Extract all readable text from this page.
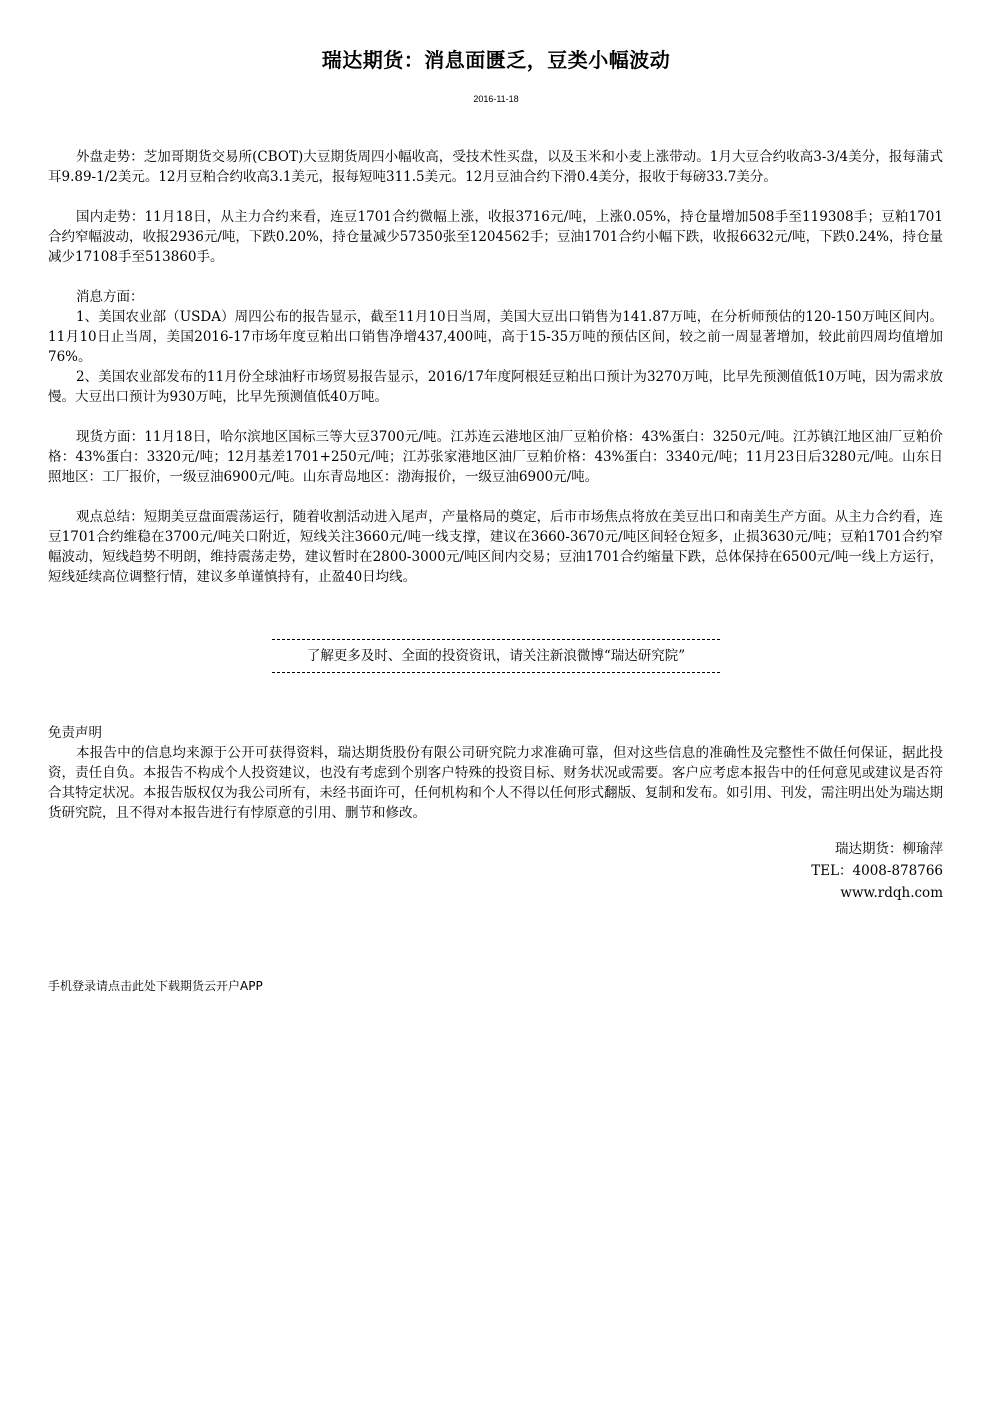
瑞达期货：消息面匮乏，豆类小幅波动
2016-11-18

外盘走势：芝加哥期货交易所(CBOT)大豆期货周四小幅收高，受技术性买盘，以及玉米和小麦上涨带动。1月大豆合约收高3-3/4美分，报每蒲式耳9.89-1/2美元。12月豆粕合约收高3.1美元，报每短吨311.5美元。12月豆油合约下滑0.4美分，报收于每磅33.7美分。

国内走势：11月18日，从主力合约来看，连豆1701合约微幅上涨，收报3716元/吨，上涨0.05%，持仓量增加508手至119308手；豆粕1701合约窄幅波动，收报2936元/吨，下跌0.20%，持仓量减少57350张至1204562手；豆油1701合约小幅下跌，收报6632元/吨，下跌0.24%，持仓量减少17108手至513860手。

消息方面：

1、美国农业部（USDA）周四公布的报告显示，截至11月10日当周，美国大豆出口销售为141.87万吨，在分析师预估的120-150万吨区间内。11月10日止当周，美国2016-17市场年度豆粕出口销售净增437,400吨，高于15-35万吨的预估区间，较之前一周显著增加，较此前四周均值增加76%。

2、美国农业部发布的11月份全球油籽市场贸易报告显示，2016/17年度阿根廷豆粕出口预计为3270万吨，比早先预测值低10万吨，因为需求放慢。大豆出口预计为930万吨，比早先预测值低40万吨。

现货方面：11月18日，哈尔滨地区国标三等大豆3700元/吨。江苏连云港地区油厂豆粕价格：43%蛋白：3250元/吨。江苏镇江地区油厂豆粕价格：43%蛋白：3320元/吨；12月基差1701+250元/吨；江苏张家港地区油厂豆粕价格：43%蛋白：3340元/吨；11月23日后3280元/吨。山东日照地区：工厂报价，一级豆油6900元/吨。山东青岛地区：渤海报价，一级豆油6900元/吨。

观点总结：短期美豆盘面震荡运行，随着收割活动进入尾声，产量格局的奠定，后市市场焦点将放在美豆出口和南美生产方面。从主力合约看，连豆1701合约维稳在3700元/吨关口附近，短线关注3660元/吨一线支撑，建议在3660-3670元/吨区间轻仓短多，止损3630元/吨；豆粕1701合约窄幅波动，短线趋势不明朗，维持震荡走势，建议暂时在2800-3000元/吨区间内交易；豆油1701合约缩量下跌，总体保持在6500元/吨一线上方运行，短线延续高位调整行情，建议多单谨慎持有，止盈40日均线。

了解更多及时、全面的投资资讯，请关注新浪微博“瑞达研究院”

免责声明

本报告中的信息均来源于公开可获得资料，瑞达期货股份有限公司研究院力求准确可靠，但对这些信息的准确性及完整性不做任何保证，据此投资，责任自负。本报告不构成个人投资建议，也没有考虑到个别客户特殊的投资目标、财务状况或需要。客户应考虑本报告中的任何意见或建议是否符合其特定状况。本报告版权仅为我公司所有，未经书面许可，任何机构和个人不得以任何形式翻版、复制和发布。如引用、刊发，需注明出处为瑞达期货研究院，且不得对本报告进行有悖原意的引用、删节和修改。

瑞达期货：柳瑜萍
TEL：4008-878766
www.rdqh.com
手机登录请点击此处下载期货云开户APP
